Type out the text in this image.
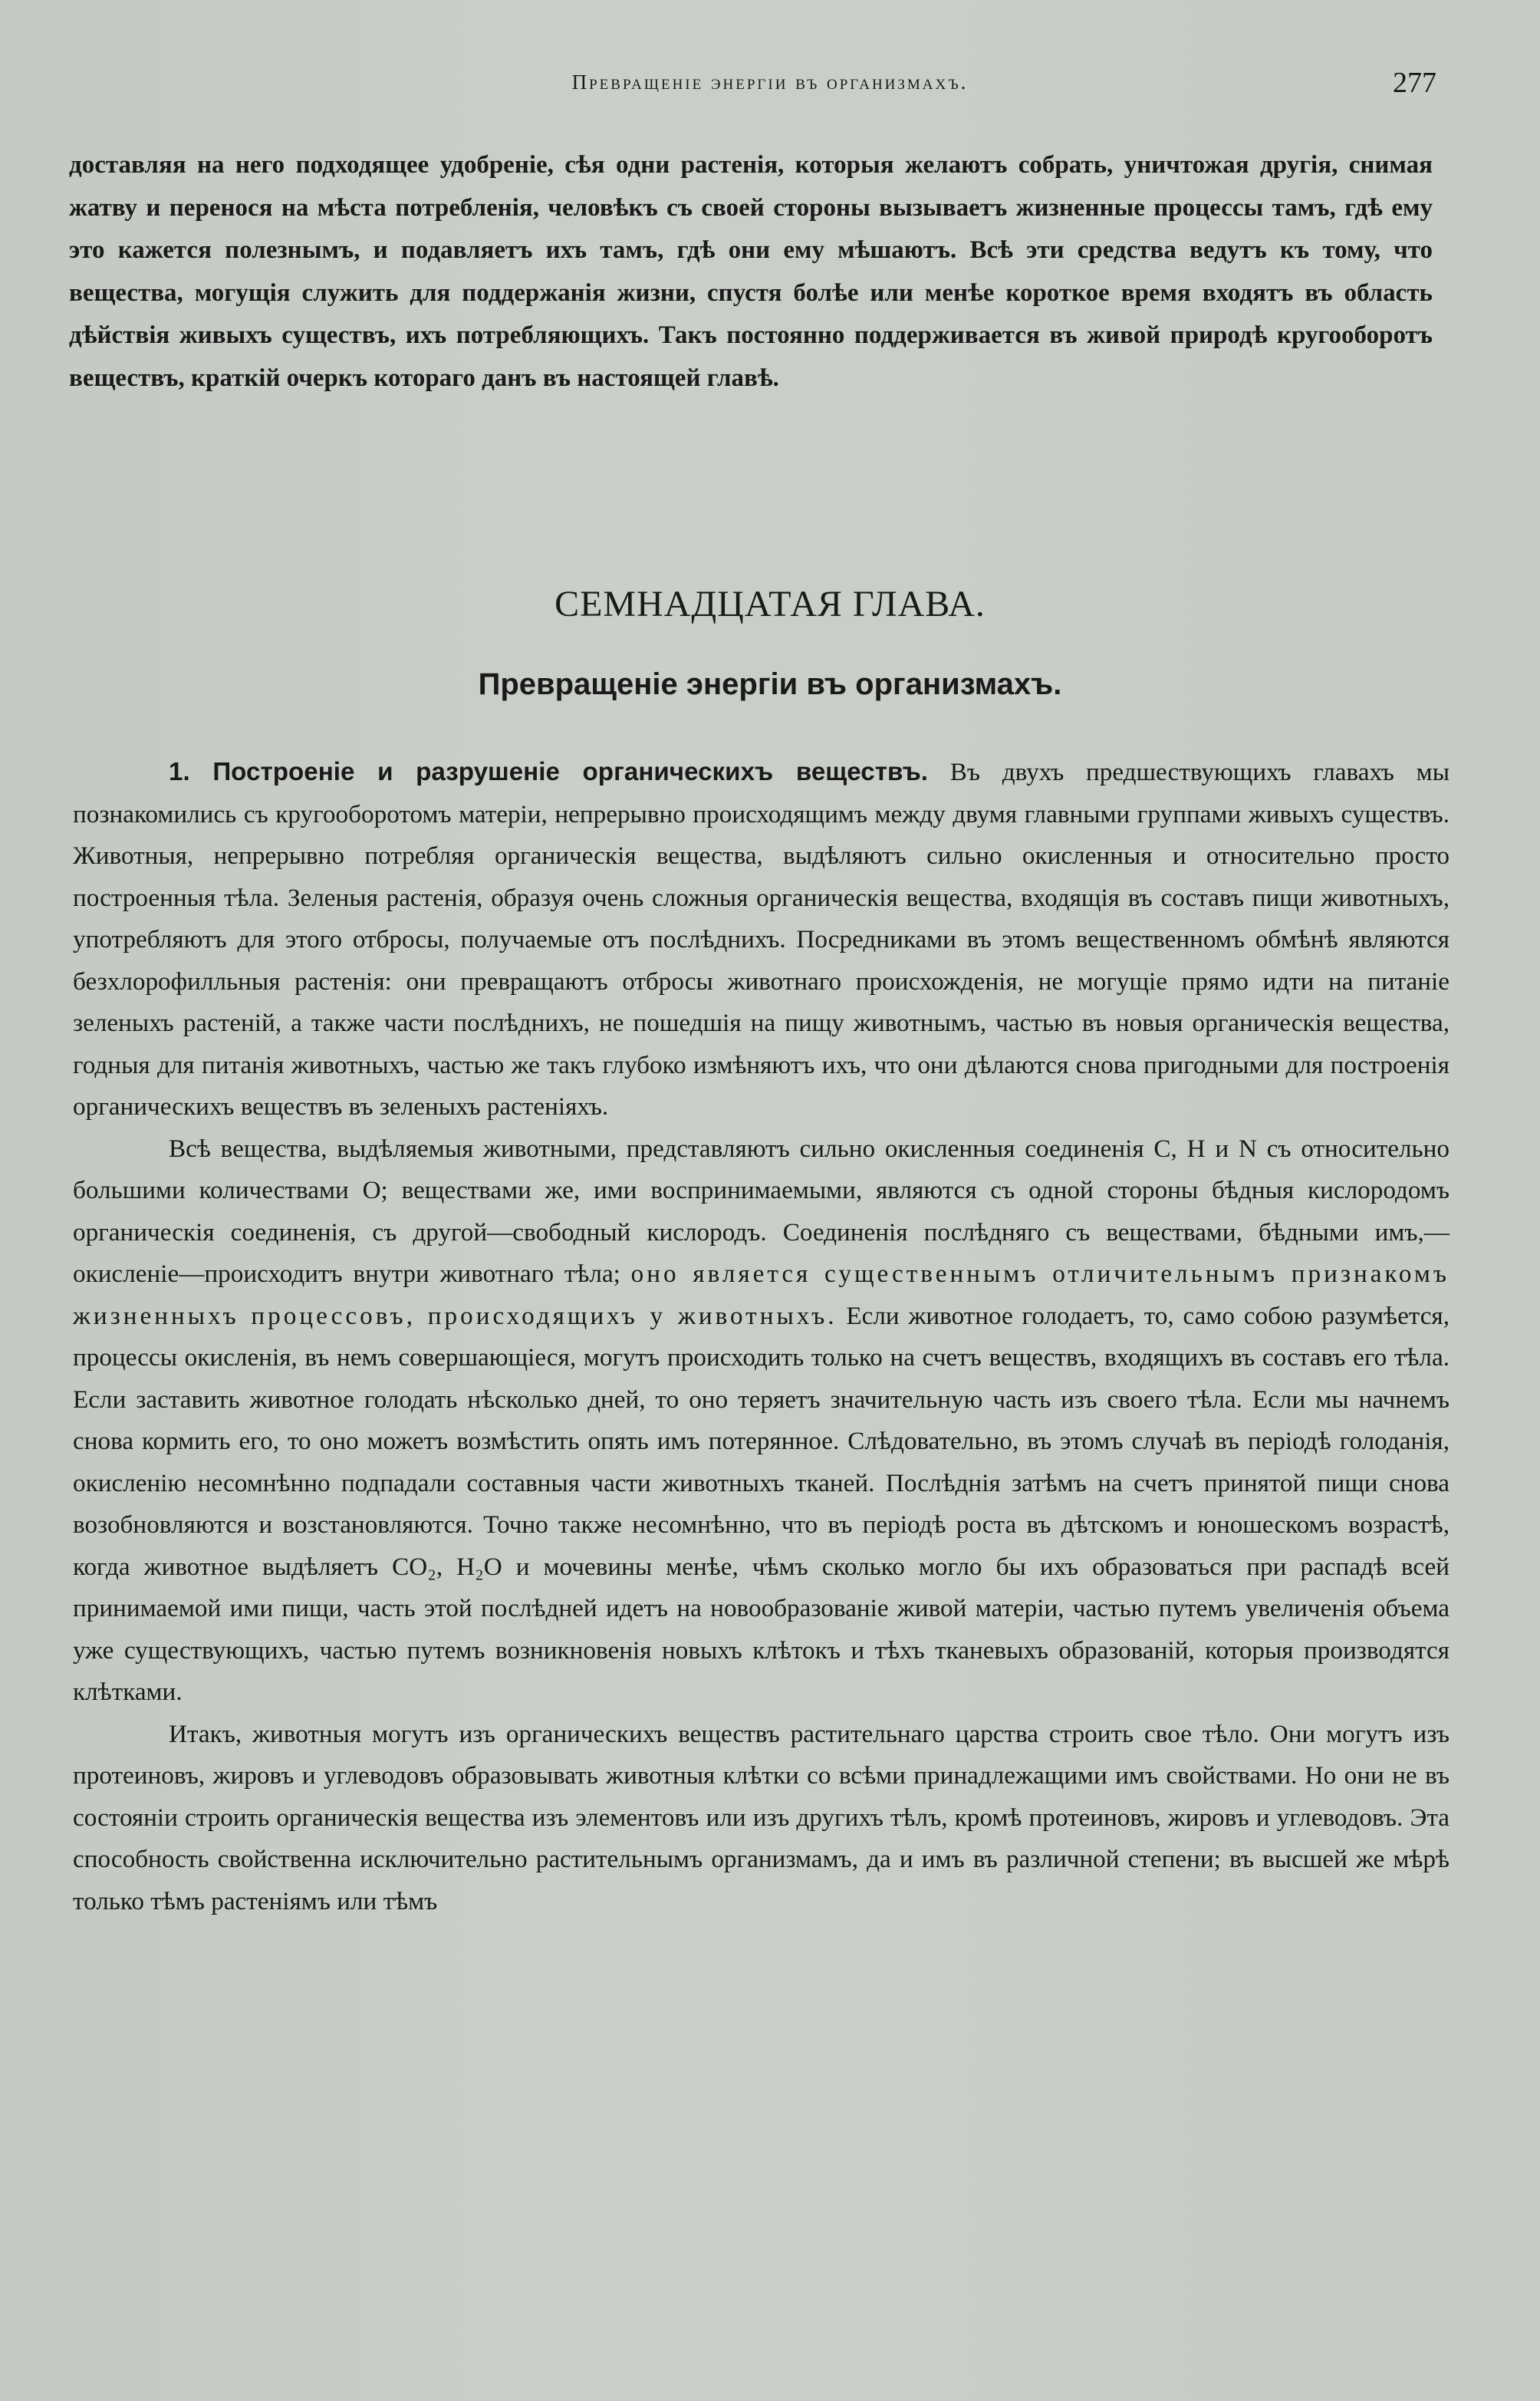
Превращеніе энергіи въ организмахъ.	277
доставляя на него подходящее удобреніе, сѣя одни растенія, которыя желаютъ собрать, уничтожая другія, снимая жатву и перенося на мѣста потребленія, человѣкъ съ своей стороны вызываетъ жизненные процессы тамъ, гдѣ ему это кажется полезнымъ, и подавляетъ ихъ тамъ, гдѣ они ему мѣшаютъ. Всѣ эти средства ведутъ къ тому, что вещества, могущія служить для поддержанія жизни, спустя болѣе или менѣе короткое время входятъ въ область дѣйствія живыхъ существъ, ихъ потребляющихъ. Такъ постоянно поддерживается въ живой природѣ кругооборотъ веществъ, краткій очеркъ котораго данъ въ настоящей главѣ.
СЕМНАДЦАТАЯ ГЛАВА.
Превращеніе энергіи въ организмахъ.

1. Построеніе и разрушеніе органическихъ веществъ. Въ двухъ предшествующихъ главахъ мы познакомились съ кругооборотомъ матеріи, непрерывно происходящимъ между двумя главными группами живыхъ существъ. Животныя, непрерывно потребляя органическія вещества, выдѣляютъ сильно окисленныя и относительно просто построенныя тѣла. Зеленыя растенія, образуя очень сложныя органическія вещества, входящія въ составъ пищи животныхъ, употребляютъ для этого отбросы, получаемые отъ послѣднихъ. Посредниками въ этомъ вещественномъ обмѣнѣ являются безхлорофилльныя растенія: они превращаютъ отбросы животнаго происхожденія, не могущіе прямо идти на питаніе зеленыхъ растеній, а также части послѣднихъ, не пошедшія на пищу животнымъ, частью въ новыя органическія вещества, годныя для питанія животныхъ, частью же такъ глубоко измѣняютъ ихъ, что они дѣлаются снова пригодными для построенія органическихъ веществъ въ зеленыхъ растеніяхъ.

Всѣ вещества, выдѣляемыя животными, представляютъ сильно окисленныя соединенія C, H и N съ относительно большими количествами O; веществами же, ими воспринимаемыми, являются съ одной стороны бѣдныя кислородомъ органическія соединенія, съ другой—свободный кислородъ. Соединенія послѣдняго съ веществами, бѣдными имъ,—окисленіе—происходитъ внутри животнаго тѣла; оно является существеннымъ отличительнымъ признакомъ жизненныхъ процессовъ, происходящихъ у животныхъ. Если животное голодаетъ, то, само собою разумѣется, процессы окисленія, въ немъ совершающіеся, могутъ происходить только на счетъ веществъ, входящихъ въ составъ его тѣла. Если заставить животное голодать нѣсколько дней, то оно теряетъ значительную часть изъ своего тѣла. Если мы начнемъ снова кормить его, то оно можетъ возмѣстить опять имъ потерянное. Слѣдовательно, въ этомъ случаѣ въ періодѣ голоданія, окисленію несомнѣнно подпадали составныя части животныхъ тканей. Послѣднія затѣмъ на счетъ принятой пищи снова возобновляются и возстановляются. Точно также несомнѣнно, что въ періодѣ роста въ дѣтскомъ и юношескомъ возрастѣ, когда животное выдѣляетъ CO₂, H₂O и мочевины менѣе, чѣмъ сколько могло бы ихъ образоваться при распадѣ всей принимаемой ими пищи, часть этой послѣдней идетъ на новообразованіе живой матеріи, частью путемъ увеличенія объема уже существующихъ, частью путемъ возникновенія новыхъ клѣтокъ и тѣхъ тканевыхъ образованій, которыя производятся клѣтками.

Итакъ, животныя могутъ изъ органическихъ веществъ растительнаго царства строить свое тѣло. Они могутъ изъ протеиновъ, жировъ и углеводовъ образовывать животныя клѣтки со всѣми принадлежащими имъ свойствами. Но они не въ состояніи строить органическія вещества изъ элементовъ или изъ другихъ тѣлъ, кромѣ протеиновъ, жировъ и углеводовъ. Эта способность свойственна исключительно растительнымъ организмамъ, да и имъ въ различной степени; въ высшей же мѣрѣ только тѣмъ растеніямъ или тѣмъ
